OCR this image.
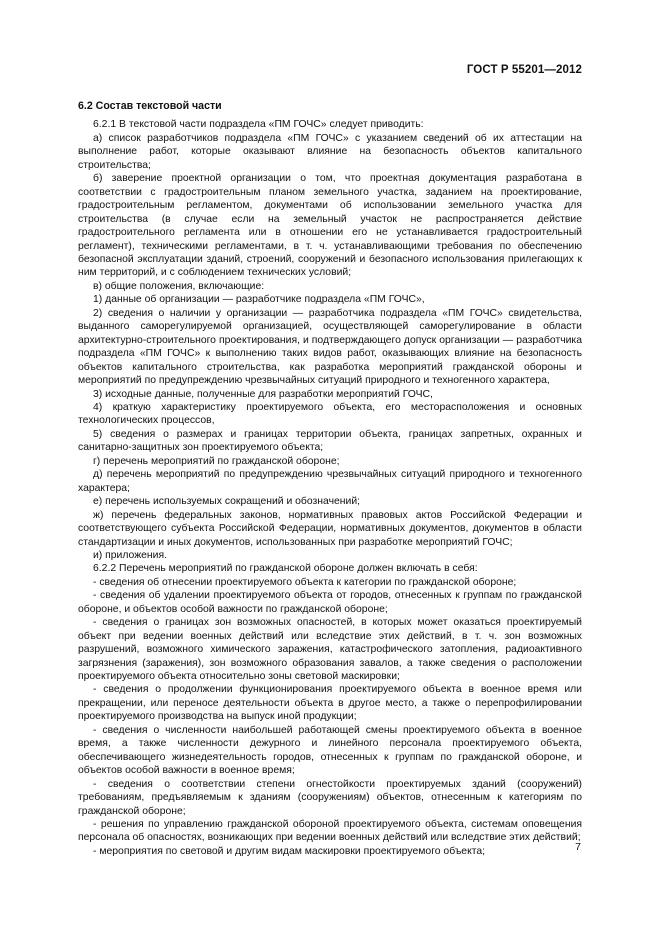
ГОСТ Р 55201—2012
6.2 Состав текстовой части

6.2.1 В текстовой части подраздела «ПМ ГОЧС» следует приводить:

а) список разработчиков подраздела «ПМ ГОЧС» с указанием сведений об их аттестации на выполнение работ, которые оказывают влияние на безопасность объектов капитального строительства;

б) заверение проектной организации о том, что проектная документация разработана в соответствии с градостроительным планом земельного участка, заданием на проектирование, градостроительным регламентом, документами об использовании земельного участка для строительства (в случае если на земельный участок не распространяется действие градостроительного регламента или в отношении его не устанавливается градостроительный регламент), техническими регламентами, в т. ч. устанавливающими требования по обеспечению безопасной эксплуатации зданий, строений, сооружений и безопасного использования прилегающих к ним территорий, и с соблюдением технических условий;

в) общие положения, включающие:

1) данные об организации — разработчике подраздела «ПМ ГОЧС»,

2) сведения о наличии у организации — разработчика подраздела «ПМ ГОЧС» свидетельства, выданного саморегулируемой организацией, осуществляющей саморегулирование в области архитектурно-строительного проектирования, и подтверждающего допуск организации — разработчика подраздела «ПМ ГОЧС» к выполнению таких видов работ, оказывающих влияние на безопасность объектов капитального строительства, как разработка мероприятий гражданской обороны и мероприятий по предупреждению чрезвычайных ситуаций природного и техногенного характера,

3) исходные данные, полученные для разработки мероприятий ГОЧС,

4) краткую характеристику проектируемого объекта, его месторасположения и основных технологических процессов,

5) сведения о размерах и границах территории объекта, границах запретных, охранных и санитарно-защитных зон проектируемого объекта;

г) перечень мероприятий по гражданской обороне;

д) перечень мероприятий по предупреждению чрезвычайных ситуаций природного и техногенного характера;

е) перечень используемых сокращений и обозначений;

ж) перечень федеральных законов, нормативных правовых актов Российской Федерации и соответствующего субъекта Российской Федерации, нормативных документов, документов в области стандартизации и иных документов, использованных при разработке мероприятий ГОЧС;

и) приложения.

6.2.2 Перечень мероприятий по гражданской обороне должен включать в себя:

- сведения об отнесении проектируемого объекта к категории по гражданской обороне;

- сведения об удалении проектируемого объекта от городов, отнесенных к группам по гражданской обороне, и объектов особой важности по гражданской обороне;

- сведения о границах зон возможных опасностей, в которых может оказаться проектируемый объект при ведении военных действий или вследствие этих действий, в т. ч. зон возможных разрушений, возможного химического заражения, катастрофического затопления, радиоактивного загрязнения (заражения), зон возможного образования завалов, а также сведения о расположении проектируемого объекта относительно зоны световой маскировки;

- сведения о продолжении функционирования проектируемого объекта в военное время или прекращении, или переносе деятельности объекта в другое место, а также о перепрофилировании проектируемого производства на выпуск иной продукции;

- сведения о численности наибольшей работающей смены проектируемого объекта в военное время, а также численности дежурного и линейного персонала проектируемого объекта, обеспечивающего жизнедеятельность городов, отнесенных к группам по гражданской обороне, и объектов особой важности в военное время;

- сведения о соответствии степени огнестойкости проектируемых зданий (сооружений) требованиям, предъявляемым к зданиям (сооружениям) объектов, отнесенным к категориям по гражданской обороне;

- решения по управлению гражданской обороной проектируемого объекта, системам оповещения персонала об опасностях, возникающих при ведении военных действий или вследствие этих действий;

- мероприятия по световой и другим видам маскировки проектируемого объекта;	7
